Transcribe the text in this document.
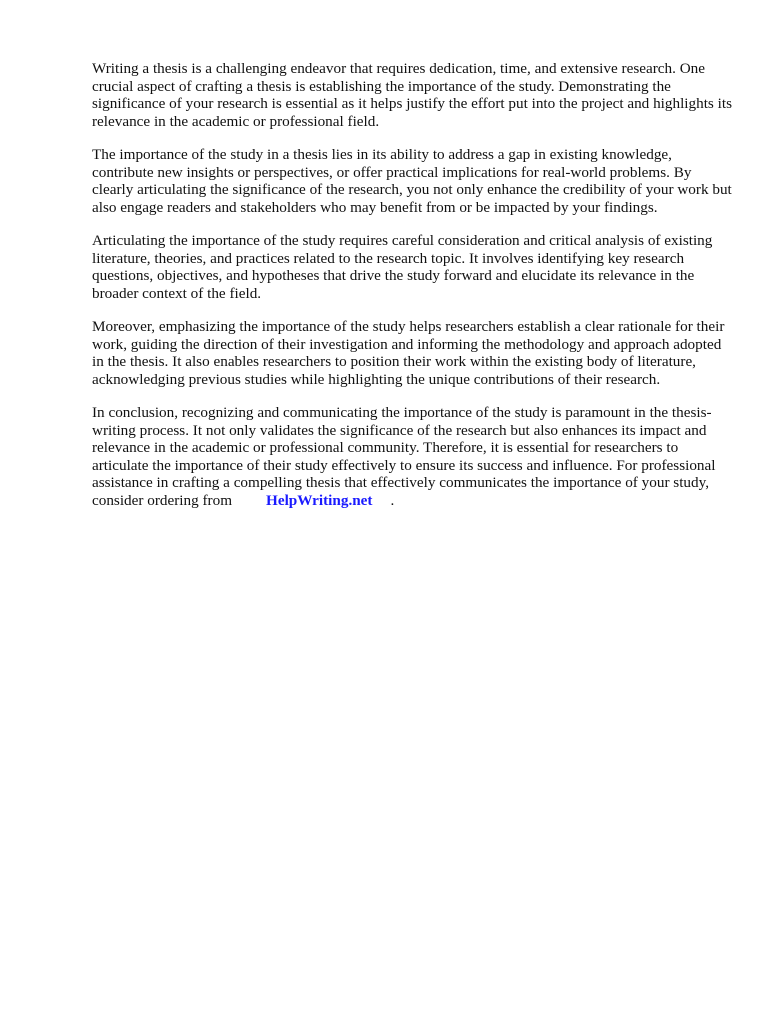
Writing a thesis is a challenging endeavor that requires dedication, time, and extensive research. One crucial aspect of crafting a thesis is establishing the importance of the study. Demonstrating the significance of your research is essential as it helps justify the effort put into the project and highlights its relevance in the academic or professional field.

The importance of the study in a thesis lies in its ability to address a gap in existing knowledge, contribute new insights or perspectives, or offer practical implications for real-world problems. By clearly articulating the significance of the research, you not only enhance the credibility of your work but also engage readers and stakeholders who may benefit from or be impacted by your findings.

Articulating the importance of the study requires careful consideration and critical analysis of existing literature, theories, and practices related to the research topic. It involves identifying key research questions, objectives, and hypotheses that drive the study forward and elucidate its relevance in the broader context of the field.

Moreover, emphasizing the importance of the study helps researchers establish a clear rationale for their work, guiding the direction of their investigation and informing the methodology and approach adopted in the thesis. It also enables researchers to position their work within the existing body of literature, acknowledging previous studies while highlighting the unique contributions of their research.

In conclusion, recognizing and communicating the importance of the study is paramount in the thesis-writing process. It not only validates the significance of the research but also enhances its impact and relevance in the academic or professional community. Therefore, it is essential for researchers to articulate the importance of their study effectively to ensure its success and influence. For professional assistance in crafting a compelling thesis that effectively communicates the importance of your study, consider ordering from HelpWriting.net .
